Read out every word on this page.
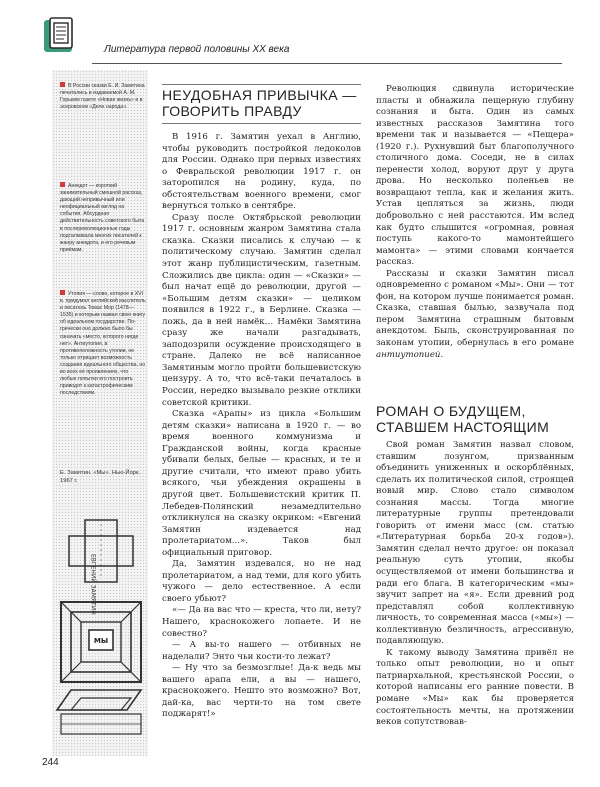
Литература первой половины XX века
В России сказки Е. И. Замятина печатались в издаваемой А. М. Горьким газете «Новая жизнь» и в эсеровском «Деле народа».
Анекдот — короткий занимательный смешной рассказ, дающий непривычный или неофициальный взгляд на события. Абсурдная действительность советского быта в послереволюционные годы подталкивала многих писателей к жанру анекдота, и его речевым приёмам.
Утопия — слово, которое в XVI в. придумал английский мыслитель и писатель Томас Мор (1478—1535) и которым назвал свою книгу об идеальном государстве. По-гречески оно должно было бы означать «место, которого нигде нет». Антиутопия, в противоположность утопии, не только отрицает возможность создания идеального общества, но во всех её проявлениях, что любые попытки его построить приводят к катастрофическим последствиям.
Е. Замятин. «Мы». Нью-Йорк. 1967 г.
ЕВГЕНИЙ ЗАМЯТИН
МЫ
НЕУДОБНАЯ ПРИВЫЧКА —
ГОВОРИТЬ ПРАВДУ

В 1916 г. Замятин уехал в Англию, чтобы руководить постройкой ледоколов для России. Однако при первых известиях о Февральской революции 1917 г. он заторопился на родину, куда, по обстоятельствам военного времени, смог вернуться только в сентябре.

Сразу после Октябрьской революции 1917 г. основным жанром Замятина стала сказка. Сказки писались к случаю — к политическому случаю. Замятин сделал этот жанр публицистическим, газетным. Сложились две цикла: один — «Сказки» — был начат ещё до революции, другой — «Большим детям сказки» — целиком появился в 1922 г., в Берлине. Сказка — ложь, да в ней намёк… Намёки Замятина сразу же начали разгадывать, заподозрили осуждение происходящего в стране. Далеко не всё написанное Замятиным могло пройти большевистскую цензуру. А то, что всё-таки печаталось в России, нередко вызывало резкие отклики советской критики.

Сказка «Арапы» из цикла «Большим детям сказки» написана в 1920 г. — во время военного коммунизма и Гражданской войны, когда красные убивали белых, белые — красных, и те и другие считали, что имеют право убить всякого, чьи убеждения окрашены в другой цвет. Большевистский критик П. Лебедев-Полянский незамедлительно откликнулся на сказку окриком: «Евгений Замятин издевается над пролетариатом...». Таков был официальный приговор.

Да, Замятин издевался, но не над пролетариатом, а над теми, для кого убить чужого — дело естественное. А если своего убьют?

«— Да на вас что — креста, что ли, нету? Нашего, краснокожего лопаете. И не совестно?

— А вы-то нашего — отбивных не наделали? Энто чьи кости-то лежат?

— Ну что за безмозглые! Да-к ведь мы вашего арапа ели, а вы — нашего, краснокожего. Нешто это возможно? Вот, дай-ка, вас черти-то на том свете поджарят!»

Революция сдвинула исторические пласты и обнажила пещерную глубину сознания и быта. Один из самых известных рассказов Замятина того времени так и называется — «Пещера» (1920 г.). Рухнувший быт благополучного столичного дома. Соседи, не в силах перенести холод, воруют друг у друга дрова. Но несколько поленьев не возвращают тепла, как и желания жить. Устав цепляться за жизнь, люди добровольно с ней расстаются. Им вслед как будто слышится «огромная, ровная поступь какого-то мамонтейшего мамонта» — этими словами кончается рассказ.

Рассказы и сказки Замятин писал одновременно с романом «Мы». Они — тот фон, на котором лучше понимается роман. Сказка, ставшая былью, зазвучала под пером Замятина страшным бытовым анекдотом. Быль, сконструированная по законам утопии, обернулась в его романе антиутопией.

РОМАН О БУДУЩЕМ,
СТАВШЕМ НАСТОЯЩИМ

Свой роман Замятин назвал словом, ставшим лозунгом, призванным объединить униженных и оскорблённых, сделать их политической силой, строящей новый мир. Слово стало символом сознания массы. Тогда многие литературные группы претендовали говорить от имени масс (см. статью «Литературная борьба 20-х годов»). Замятин сделал нечто другое: он показал реальную суть утопии, якобы осуществляемой от имени большинства и ради его блага. В категорическим «мы» звучит запрет на «я». Если древний род представлял собой коллективную личность, то современная масса («мы») — коллективную безличность, агрессивную, подавляющую.

К такому выводу Замятина привёл не только опыт революции, но и опыт патриархальной, крестьянской России, о которой написаны его ранние повести. В романе «Мы» как бы проверяется состоятельность мечты, на протяжении веков сопутствовав-

244
